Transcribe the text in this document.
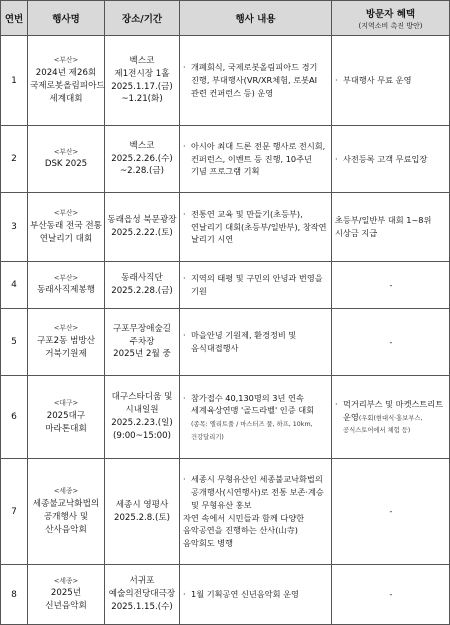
연번	행사명	장소/기간	행사 내용	방문자 혜택
(지역소비 촉진 방안)

1	<부산>
2024년 제26회 국제로봇올림피아드 세계대회	벡스코
제1전시장 1홀
2025.1.17.(금)
~1.21(화)	· 개폐회식, 국제로봇올림피아드 경기 진행, 부대행사(VR/XR체험, 로봇AI 관련 컨퍼런스 등) 운영	· 부대행사 무료 운영

2	<부산>
DSK 2025	벡스코
2025.2.26.(수)
~2.28.(금)	· 아시아 최대 드론 전문 행사로 전시회, 컨퍼런스, 이벤트 등 진행, 10주년 기념 프로그램 기획	· 사전등록 고객 무료입장

3	<부산>
부산동래 전국 전통 연날리기 대회	동래읍성 북문광장 2025.2.22.(토)	· 전통연 교육 및 만들기(초등부), 연날리기 대회(초등부/일반부), 창작연 날리기 시연	초등부/일반부 대회 1~8위 시상금 지급

4	<부산>
동래사직제봉행	동래사직단
2025.2.28.(금)	· 지역의 태평 및 구민의 안녕과 번영을 기원	-
5	<부산>
구포2동 범방산 거북기원제	구포무장애숲길
주차장
2025년 2월 중	· 마을안녕 기원제, 환경정비 및 음식대접행사	-
6	<대구>
2025대구 마라톤대회	대구스타디움 및
시내일원
2025.2.23.(일)
(9:00~15:00)	· 참가접수 40,130명의 3년 연속 세계육상연맹 '골드라벨' 인증 대회(종목: 엘리트풀 / 마스터즈 풀, 하프, 10km, 건강달리기)	· 먹거리부스 및 마켓스트리트 운영(우회(현대식·홍보부스, 공식스토어에서 체험 등)

7	<세종>
세종불교낙화법의 공개행사 및 산사음악회	세종시 영평사
2025.2.8.(토)	· 세종시 무형유산인 세종불교낙화법의 공개행사(시연행사)로 전통 보존·계승 및 무형유산 홍보
자연 속에서 시민들과 함께 다양한 음악공연을 진행하는 산사(山寺)음악회도 병행	-
8	<세종>
2025년 신년음악회	서귀포
예술의전당대극장
2025.1.15.(수)	· 1월 기획공연 신년음악회 운영	-
